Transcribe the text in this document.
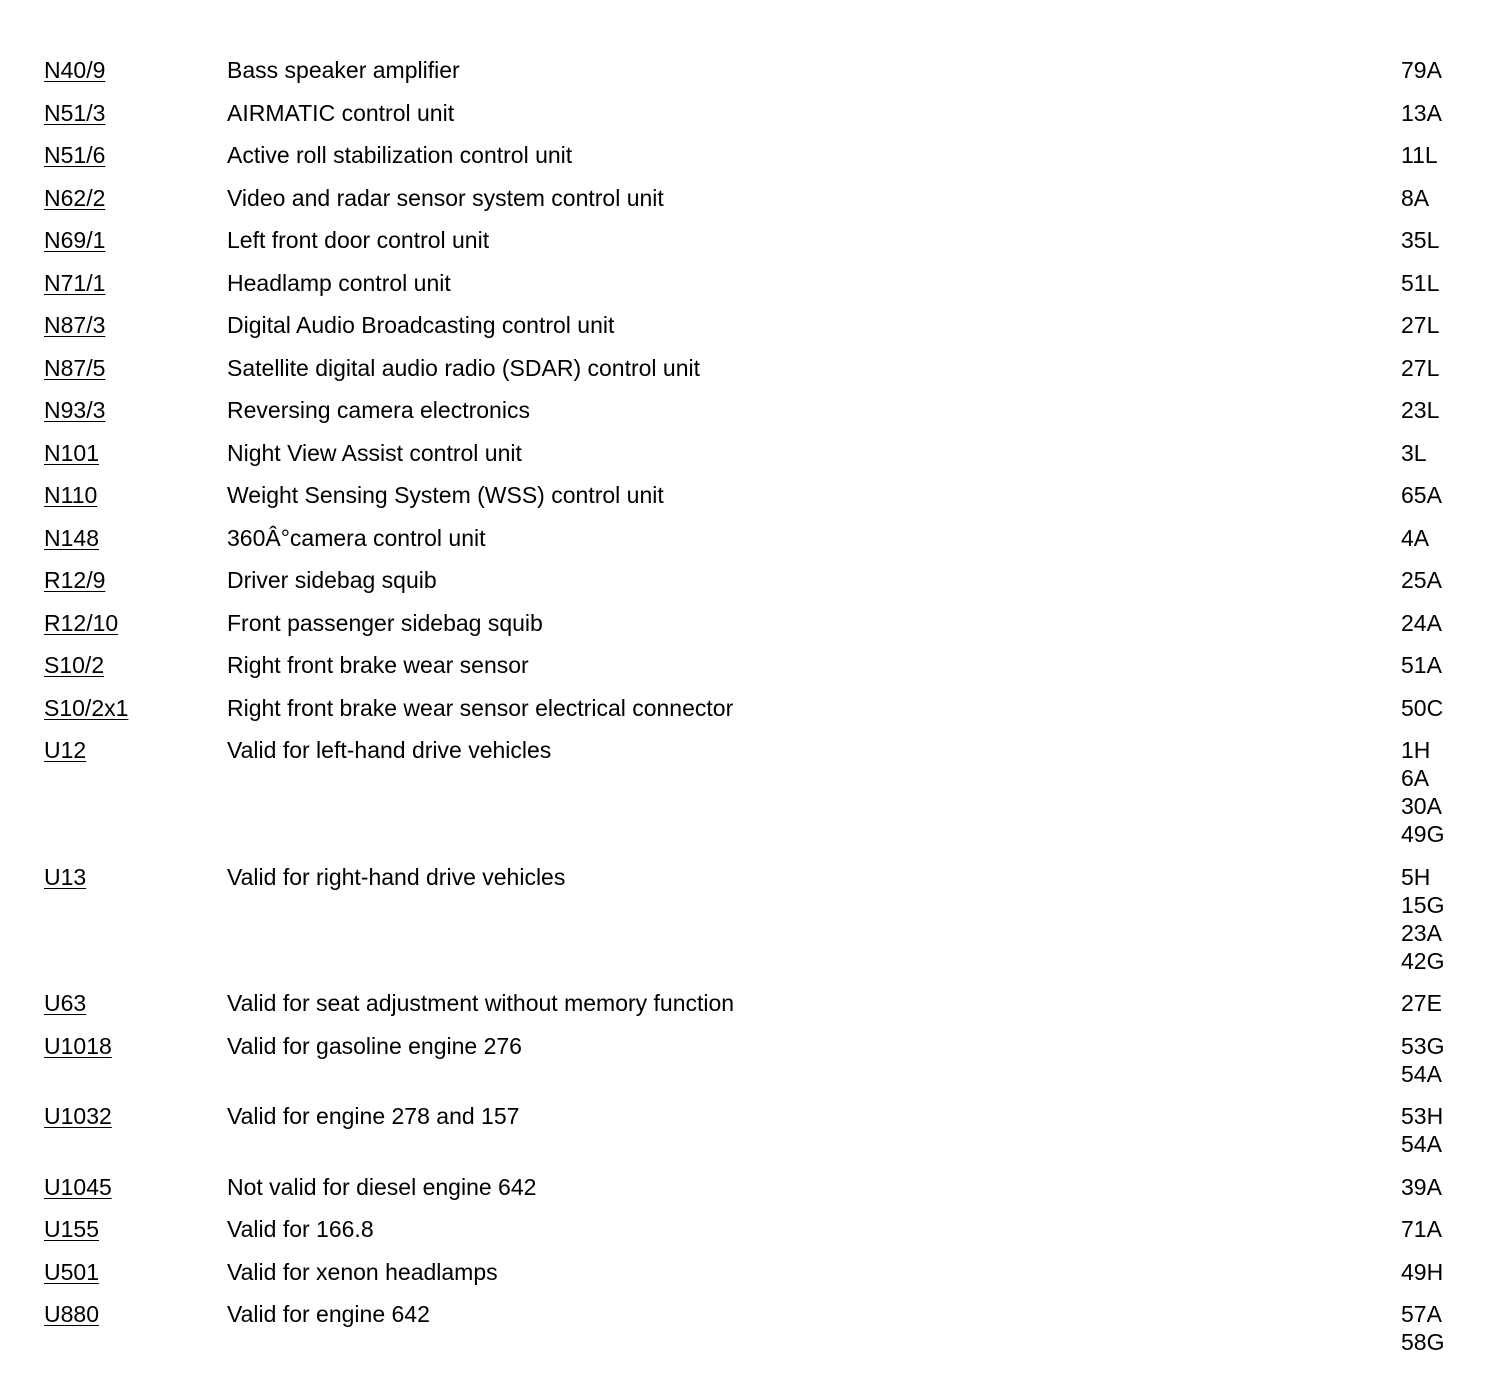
N40/9	Bass speaker amplifier	79A
N51/3	AIRMATIC control unit	13A
N51/6	Active roll stabilization control unit	11L
N62/2	Video and radar sensor system control unit	8A
N69/1	Left front door control unit	35L
N71/1	Headlamp control unit	51L
N87/3	Digital Audio Broadcasting control unit	27L
N87/5	Satellite digital audio radio (SDAR) control unit	27L
N93/3	Reversing camera electronics	23L
N101	Night View Assist control unit	3L
N110	Weight Sensing System (WSS) control unit	65A
N148	360Â°camera control unit	4A
R12/9	Driver sidebag squib	25A
R12/10	Front passenger sidebag squib	24A
S10/2	Right front brake wear sensor	51A
S10/2x1	Right front brake wear sensor electrical connector	50C
U12	Valid for left-hand drive vehicles	1H
6A
30A
49G
U13	Valid for right-hand drive vehicles	5H
15G
23A
42G
U63	Valid for seat adjustment without memory function	27E
U1018	Valid for gasoline engine 276	53G
54A
U1032	Valid for engine 278 and 157	53H
54A
U1045	Not valid for diesel engine 642	39A
U155	Valid for 166.8	71A
U501	Valid for xenon headlamps	49H
U880	Valid for engine 642	57A
58G
